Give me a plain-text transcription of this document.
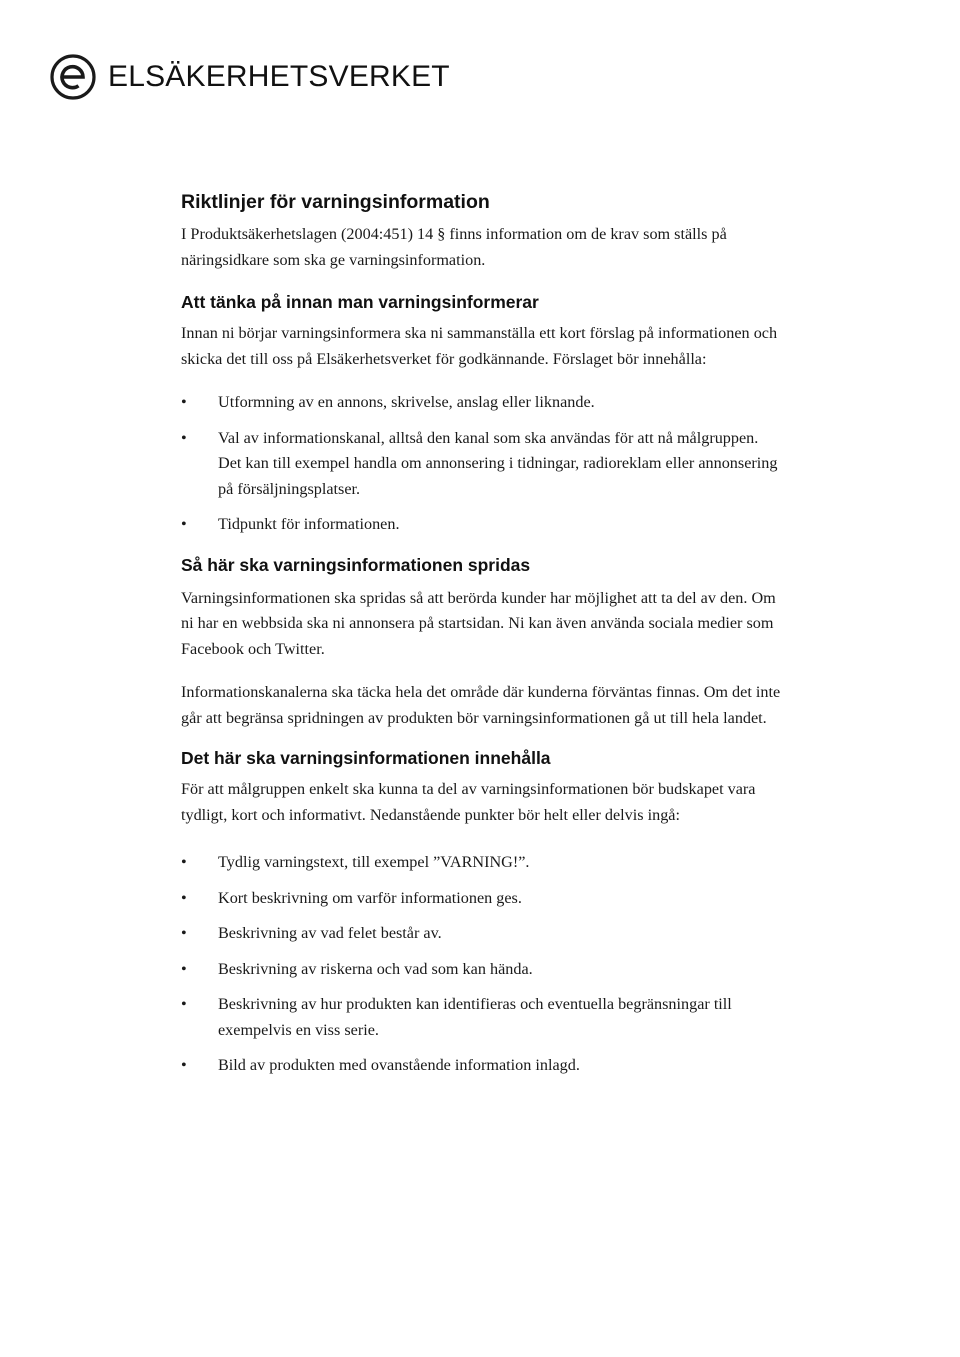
ELSÄKERHETSVERKET
Riktlinjer för varningsinformation

I Produktsäkerhetslagen (2004:451) 14 § finns information om de krav som ställs på näringsidkare som ska ge varningsinformation.

Att tänka på innan man varningsinformerar

Innan ni börjar varningsinformera ska ni sammanställa ett kort förslag på informationen och skicka det till oss på Elsäkerhetsverket för godkännande. Förslaget bör innehålla:

• Utformning av en annons, skrivelse, anslag eller liknande.
• Val av informationskanal, alltså den kanal som ska användas för att nå målgruppen. Det kan till exempel handla om annonsering i tidningar, radioreklam eller annonsering på försäljningsplatser.
• Tidpunkt för informationen.
Så här ska varningsinformationen spridas

Varningsinformationen ska spridas så att berörda kunder har möjlighet att ta del av den. Om ni har en webbsida ska ni annonsera på startsidan. Ni kan även använda sociala medier som Facebook och Twitter.

Informationskanalerna ska täcka hela det område där kunderna förväntas finnas. Om det inte går att begränsa spridningen av produkten bör varningsinformationen gå ut till hela landet.

Det här ska varningsinformationen innehålla

För att målgruppen enkelt ska kunna ta del av varningsinformationen bör budskapet vara tydligt, kort och informativt. Nedanstående punkter bör helt eller delvis ingå:

• Tydlig varningstext, till exempel ”VARNING!”.
• Kort beskrivning om varför informationen ges.
• Beskrivning av vad felet består av.
• Beskrivning av riskerna och vad som kan hända.
• Beskrivning av hur produkten kan identifieras och eventuella begränsningar till exempelvis en viss serie.
• Bild av produkten med ovanstående information inlagd.
